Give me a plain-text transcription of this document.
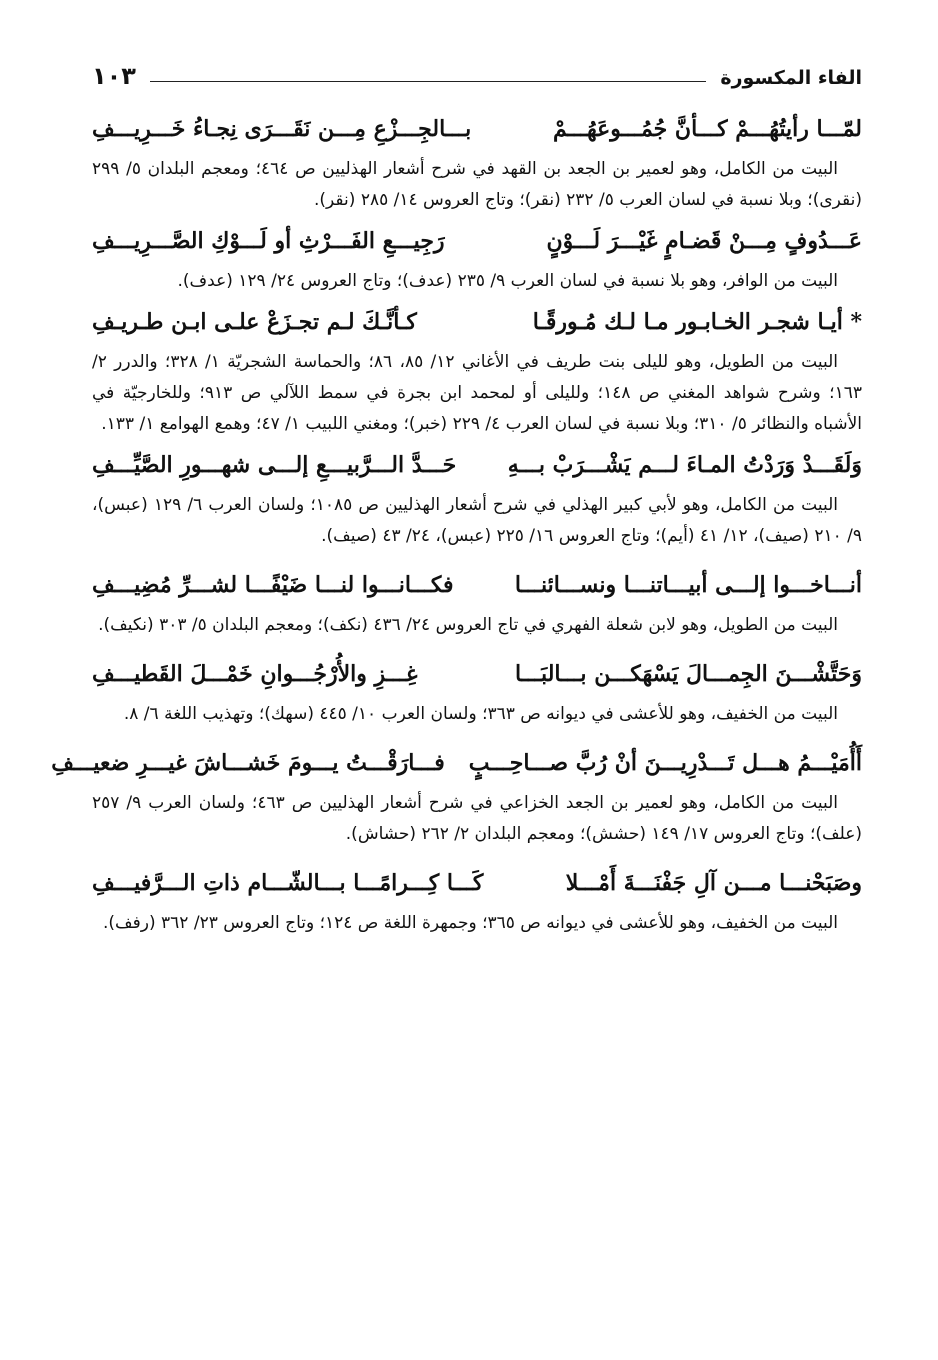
الفاء المكسورة
١٠٣
لمّـــا رأيتُهُـــمْ كـــأنَّ جُمُـــوعَهُـــمْ
بـــالجِـــزْعِ مِـــن نَقَـــرَى نِجـاءُ خَـــرِيـــفِ

البيت من الكامل، وهو لعمير بن الجعد بن القهد في شرح أشعار الهذليين ص ٤٦٤؛ ومعجم البلدان ٥/ ٢٩٩ (نقرى)؛ وبلا نسبة في لسان العرب ٥/ ٢٣٢ (نقر)؛ وتاج العروس ١٤/ ٢٨٥ (نقر).

عَـــدُوفٍ مِـــنْ قَضـامٍ غَيْـــرَ لَـــوْنٍ
رَجِيـــعِ الفَـــرْثِ أو لَـــوْكِ الصَّـــرِيـــفِ

البيت من الوافر، وهو بلا نسبة في لسان العرب ٩/ ٢٣٥ (عدف)؛ وتاج العروس ٢٤/ ١٢٩ (عدف).

* أيـا شجـر الخـابـور مـا لـك مُـورقًـا
كـأنَّـكَ لـم تجـزَعْ علـى ابـن طـريـفِ

البيت من الطويل، وهو لليلى بنت طريف في الأغاني ١٢/ ٨٥، ٨٦؛ والحماسة الشجريّة ١/ ٣٢٨؛ والدرر ٢/ ١٦٣؛ وشرح شواهد المغني ص ١٤٨؛ ولليلى أو لمحمد ابن بجرة في سمط اللآلي ص ٩١٣؛ وللخارجيّة في الأشباه والنظائر ٥/ ٣١٠؛ وبلا نسبة في لسان العرب ٤/ ٢٢٩ (خبر)؛ ومغني اللبيب ١/ ٤٧؛ وهمع الهوامع ١/ ١٣٣.

وَلَقَـــدْ وَرَدْتُ المـاءَ لـــم يَشْـــرَبْ بـــهِ
حَـــدَّ الـــرَّبيـــعِ إلـــى شهـــورِ الصَّيِّـــفِ

البيت من الكامل، وهو لأبي كبير الهذلي في شرح أشعار الهذليين ص ١٠٨٥؛ ولسان العرب ٦/ ١٢٩ (عبس)، ٩/ ٢١٠ (صيف)، ١٢/ ٤١ (أيم)؛ وتاج العروس ١٦/ ٢٢٥ (عبس)، ٢٤/ ٤٣ (صيف).

أنـــاخـــوا إلـــى أبيـــاتنـــا ونســـائنـــا
فكـــانـــوا لنـــا ضَيْفًـــا لشـــرِّ مُضِيـــفِ

البيت من الطويل، وهو لابن شعلة الفهري في تاج العروس ٢٤/ ٤٣٦ (نكف)؛ ومعجم البلدان ٥/ ٣٠٣ (نكيف).

وَحَتَّشْـــنَ الجِمـــالَ يَسْهَكـــن بـــالبَـــا
غِـــزِ والأُرْجُـــوانِ خَمْـــلَ القَطيـــفِ

البيت من الخفيف، وهو للأعشى في ديوانه ص ٣٦٣؛ ولسان العرب ١٠/ ٤٤٥ (سهك)؛ وتهذيب اللغة ٦/ ٨.

أَأُمَيْـــمُ هـــل تَـــدْرِيـــنَ أنْ رُبَّ صـــاحِـــبٍ
فـــارَقْـــتُ يـــومَ خَشـــاشَ غيـــرِ ضعيـــفِ

البيت من الكامل، وهو لعمير بن الجعد الخزاعي في شرح أشعار الهذليين ص ٤٦٣؛ ولسان العرب ٩/ ٢٥٧ (علف)؛ وتاج العروس ١٧/ ١٤٩ (حشش)؛ ومعجم البلدان ٢/ ٢٦٢ (حشاش).

وصَبَحْنـــا مـــن آلِ جَفْنَـــةَ أَمْـــلا
كَـــا كِـــرامًـــا بـــالشّـــام ذاتِ الـــرَّفيـــفِ

البيت من الخفيف، وهو للأعشى في ديوانه ص ٣٦٥؛ وجمهرة اللغة ص ١٢٤؛ وتاج العروس ٢٣/ ٣٦٢ (رفف).
